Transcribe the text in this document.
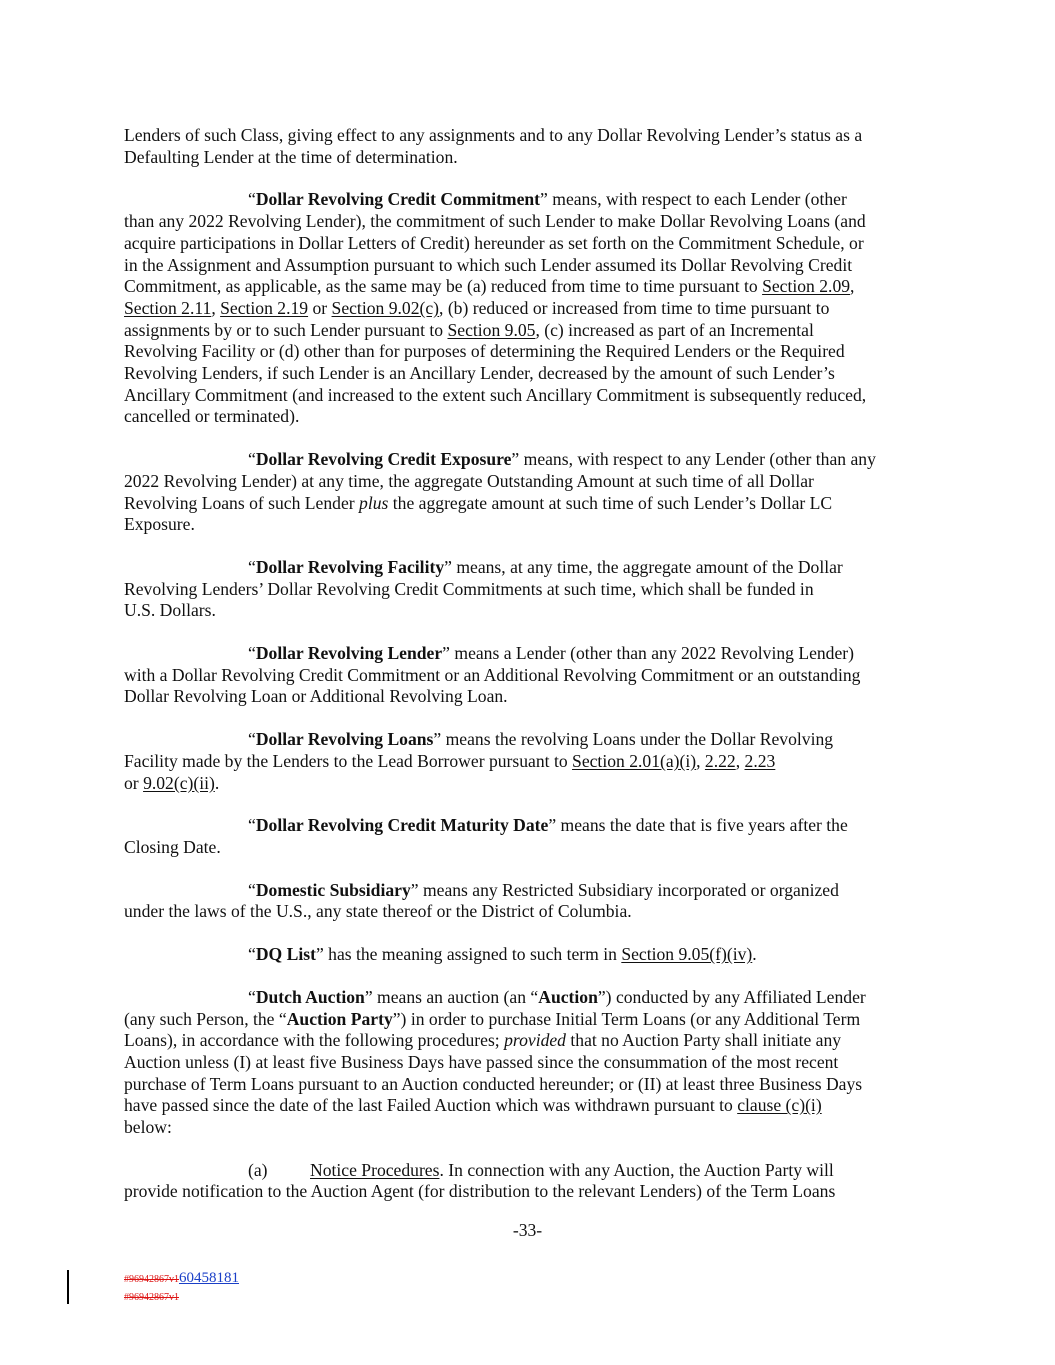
Lenders of such Class, giving effect to any assignments and to any Dollar Revolving Lender’s status as a
Defaulting Lender at the time of determination.

“Dollar Revolving Credit Commitment” means, with respect to each Lender (other
than any 2022 Revolving Lender), the commitment of such Lender to make Dollar Revolving Loans (and
acquire participations in Dollar Letters of Credit) hereunder as set forth on the Commitment Schedule, or
in the Assignment and Assumption pursuant to which such Lender assumed its Dollar Revolving Credit
Commitment, as applicable, as the same may be (a) reduced from time to time pursuant to Section 2.09,
Section 2.11, Section 2.19 or Section 9.02(c), (b) reduced or increased from time to time pursuant to
assignments by or to such Lender pursuant to Section 9.05, (c) increased as part of an Incremental
Revolving Facility or (d) other than for purposes of determining the Required Lenders or the Required
Revolving Lenders, if such Lender is an Ancillary Lender, decreased by the amount of such Lender’s
Ancillary Commitment (and increased to the extent such Ancillary Commitment is subsequently reduced,
cancelled or terminated).

“Dollar Revolving Credit Exposure” means, with respect to any Lender (other than any
2022 Revolving Lender) at any time, the aggregate Outstanding Amount at such time of all Dollar
Revolving Loans of such Lender plus the aggregate amount at such time of such Lender’s Dollar LC
Exposure.

“Dollar Revolving Facility” means, at any time, the aggregate amount of the Dollar
Revolving Lenders’ Dollar Revolving Credit Commitments at such time, which shall be funded in
U.S. Dollars.

“Dollar Revolving Lender” means a Lender (other than any 2022 Revolving Lender)
with a Dollar Revolving Credit Commitment or an Additional Revolving Commitment or an outstanding
Dollar Revolving Loan or Additional Revolving Loan.

“Dollar Revolving Loans” means the revolving Loans under the Dollar Revolving
Facility made by the Lenders to the Lead Borrower pursuant to Section 2.01(a)(i), 2.22, 2.23
or 9.02(c)(ii).

“Dollar Revolving Credit Maturity Date” means the date that is five years after the
Closing Date.

“Domestic Subsidiary” means any Restricted Subsidiary incorporated or organized
under the laws of the U.S., any state thereof or the District of Columbia.

“DQ List” has the meaning assigned to such term in Section 9.05(f)(iv).

“Dutch Auction” means an auction (an “Auction”) conducted by any Affiliated Lender
(any such Person, the “Auction Party”) in order to purchase Initial Term Loans (or any Additional Term
Loans), in accordance with the following procedures; provided that no Auction Party shall initiate any
Auction unless (I) at least five Business Days have passed since the consummation of the most recent
purchase of Term Loans pursuant to an Auction conducted hereunder; or (II) at least three Business Days
have passed since the date of the last Failed Auction which was withdrawn pursuant to clause (c)(i)
below:

(a) Notice Procedures. In connection with any Auction, the Auction Party will
provide notification to the Auction Agent (for distribution to the relevant Lenders) of the Term Loans

-33-
#96942867v160458181
#96942867v1
